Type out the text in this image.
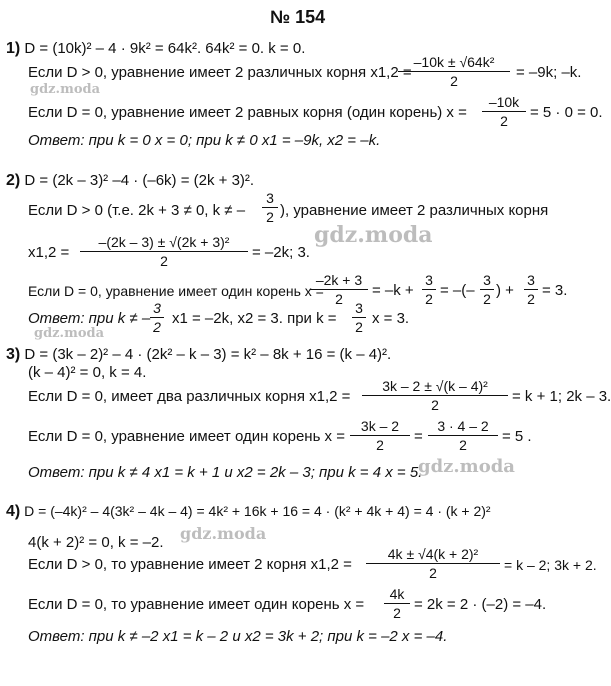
№ 154
1) D = (10k)² – 4 · 9k² = 64k². 64k² = 0. k = 0.
Если D > 0, уравнение имеет 2 различных корня x1,2 =
$\frac{\text{–10k ± √64k²}}{2} = -9k$; –k.
Если D = 0, уравнение имеет 2 равных корня (один корень) $x = \frac{-10k}{2} = 5 \cdot 0 = 0$.
Ответ: при k = 0 x = 0; при k ≠ 0 x1 = –9k, x2 = –k.
2) D = (2k – 3)² –4 · (–6k) = (2k + 3)².
Если D > 0 (т.е. 2k + 3 ≠ 0, k ≠ – $\frac{3}{2}$ ), уравнение имеет 2 различных корня
$x1,2 = \frac{\text{–(2k – 3) ± √(2k + 3)²}}{2} = -2k$; 3.
Если D = 0, уравнение имеет один корень x =
$\frac{-2k + 3}{2} = -k + \frac{3}{2}$ = –(– $\frac{3}{2}$ ) + $\frac{3}{2} = 3$.
Ответ: при k ≠ – $\frac{3}{2} x1 = -2k$, x2 = 3. при $k = \frac{3}{2}$ x = 3.
3) D = (3k – 2)² – 4 · (2k² – k – 3) = k² – 8k + 16 = (k – 4)².
(k – 4)² = 0, k = 4.
Если D = 0, имеет два различных корня $x1,2 = \frac{\text{3k – 2 ± √(k – 4)²}}{2} = k + 1$; 2k – 3.
Если D = 0, уравнение имеет один корень $x = \frac{3k - 2}{2} = \frac{3 \cdot 4 - 2}{2} = 5$ .
Ответ: при k ≠ 4 x1 = k + 1 и x2 = 2k – 3; при k = 4 x = 5.
4) D = (–4k)² – 4(3k² – 4k – 4) = 4k² + 16k + 16 = 4 · (k² + 4k + 4) = 4 · (k + 2)²
4(k + 2)² = 0, k = –2.
Если D > 0, то уравнение имеет 2 корня $x1,2 = \frac{\text{4k ± √4(k + 2)²}}{2} = k - 2$; 3k + 2.
Если D = 0, то уравнение имеет один корень $x = \frac{4k}{2} = 2k = 2 \cdot (-2) = -4$.
Ответ: при k ≠ –2 x1 = k – 2 и x2 = 3k + 2; при k = –2 x = –4.
gdz.moda
gdz.moda
gdz.moda
gdz.moda
gdz.moda
